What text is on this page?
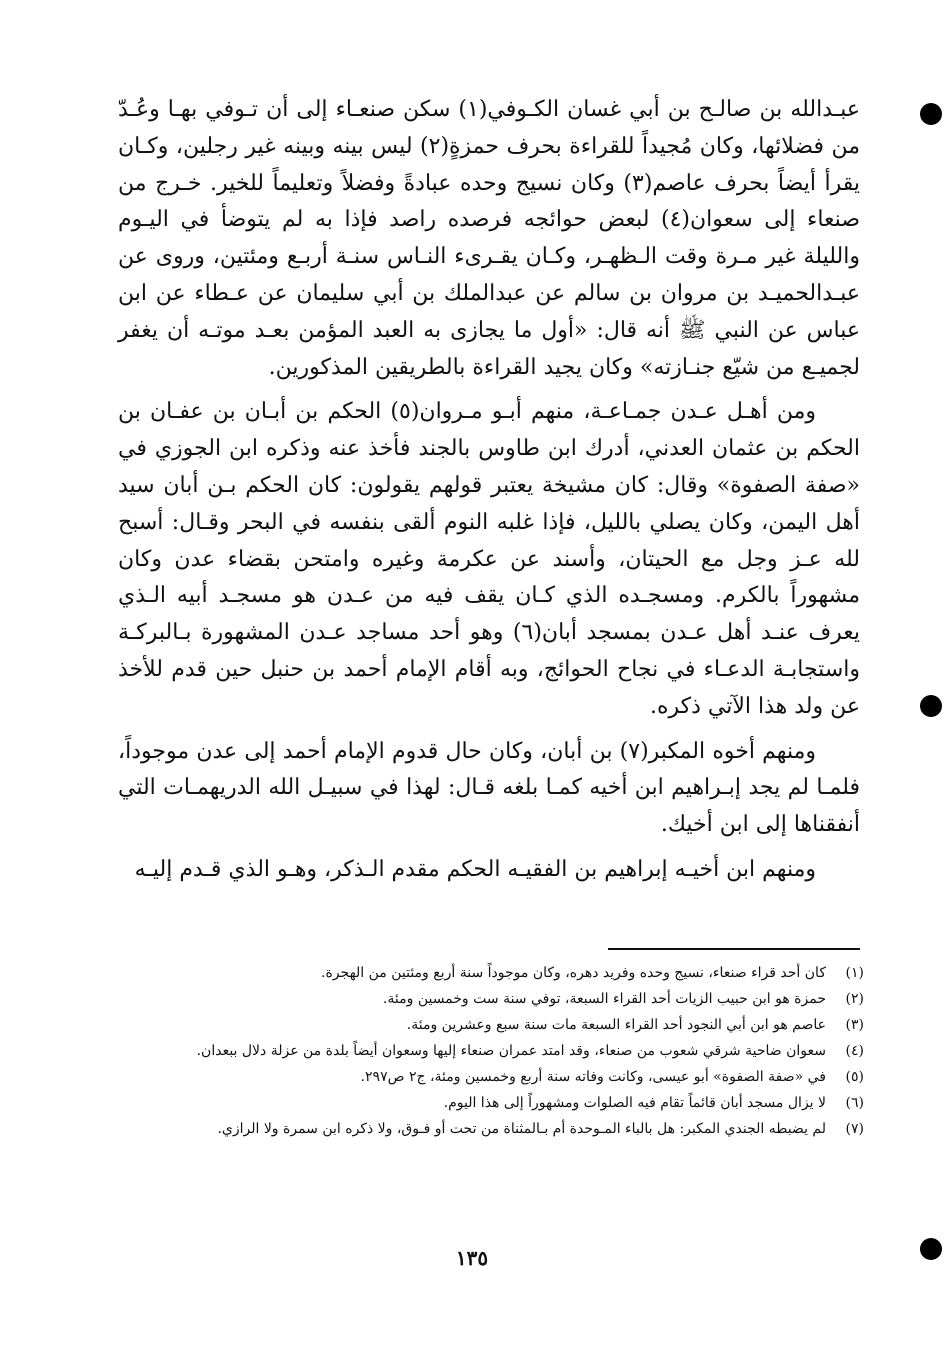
عبـدالله بن صالـح بن أبي غسان الكـوفي(١) سكن صنعـاء إلى أن تـوفي بهـا وعُـدّ من فضلائها، وكان مُجيداً للقراءة بحرف حمزةٍ(٢) ليس بينه وبينه غير رجلين، وكـان يقرأ أيضاً بحرف عاصم(٣) وكان نسيج وحده عبادةً وفضلاً وتعليماً للخير. خـرج من صنعاء إلى سعوان(٤) لبعض حوائجه فرصده راصد فإذا به لم يتوضأ في اليـوم والليلة غير مـرة وقت الـظهـر، وكـان يقـرىء النـاس سنـة أربـع ومئتين، وروى عن عبـدالحميـد بن مروان بن سالم عن عبدالملك بن أبي سليمان عن عـطاء عن ابن عباس عن النبي ﷺ أنه قال: «أول ما يجازى به العبد المؤمن بعـد موتـه أن يغفر لجميـع من شيّع جنـازته» وكان يجيد القراءة بالطريقين المذكورين.

ومن أهـل عـدن جمـاعـة، منهم أبـو مـروان(٥) الحكم بن أبـان بن عفـان بن الحكم بن عثمان العدني، أدرك ابن طاوس بالجند فأخذ عنه وذكره ابن الجوزي في «صفة الصفوة» وقال: كان مشيخة يعتبر قولهم يقولون: كان الحكم بـن أبان سيد أهل اليمن، وكان يصلي بالليل، فإذا غلبه النوم ألقى بنفسه في البحر وقـال: أسبح لله عـز وجل مع الحيتان، وأسند عن عكرمة وغيره وامتحن بقضاء عدن وكان مشهوراً بالكرم. ومسجـده الذي كـان يقف فيه من عـدن هو مسجـد أبيه الـذي يعرف عنـد أهل عـدن بمسجد أبان(٦) وهو أحد مساجد عـدن المشهورة بـالبركـة واستجابـة الدعـاء في نجاح الحوائج، وبه أقام الإمام أحمد بن حنبل حين قدم للأخذ عن ولد هذا الآتي ذكره.

ومنهم أخوه المكبر(٧) بن أبان، وكان حال قدوم الإمام أحمد إلى عدن موجوداً، فلمـا لم يجد إبـراهيم ابن أخيه كمـا بلغه قـال: لهذا في سبيـل الله الدريهمـات التي أنفقناها إلى ابن أخيك.

ومنهم ابن أخيـه إبراهيم بن الفقيـه الحكم مقدم الـذكر، وهـو الذي قـدم إليـه

(١)
كان أحد قراء صنعاء، نسيج وحده وفريد دهره، وكان موجوداً سنة أربع ومئتين من الهجرة.
(٢)
حمزة هو ابن حبيب الزيات أحد القراء السبعة، توفي سنة ست وخمسين ومئة.
(٣)
عاصم هو ابن أبي النجود أحد القراء السبعة مات سنة سبع وعشرين ومئة.
(٤)
سعوان ضاحية شرقي شعوب من صنعاء، وقد امتد عمران صنعاء إليها وسعوان أيضاً بلدة من عزلة دلال ببعدان.
(٥)
في «صفة الصفوة» أبو عيسى، وكانت وفاته سنة أربع وخمسين ومئة، ج٢ ص٢٩٧.
(٦)
لا يزال مسجد أبان قائماً تقام فيه الصلوات ومشهوراً إلى هذا اليوم.
(٧)
لم يضبطه الجندي المكبر: هل بالباء المـوحدة أم بـالمثناة من تحت أو فـوق، ولا ذكره ابن سمرة ولا الرازي.
١٣٥
